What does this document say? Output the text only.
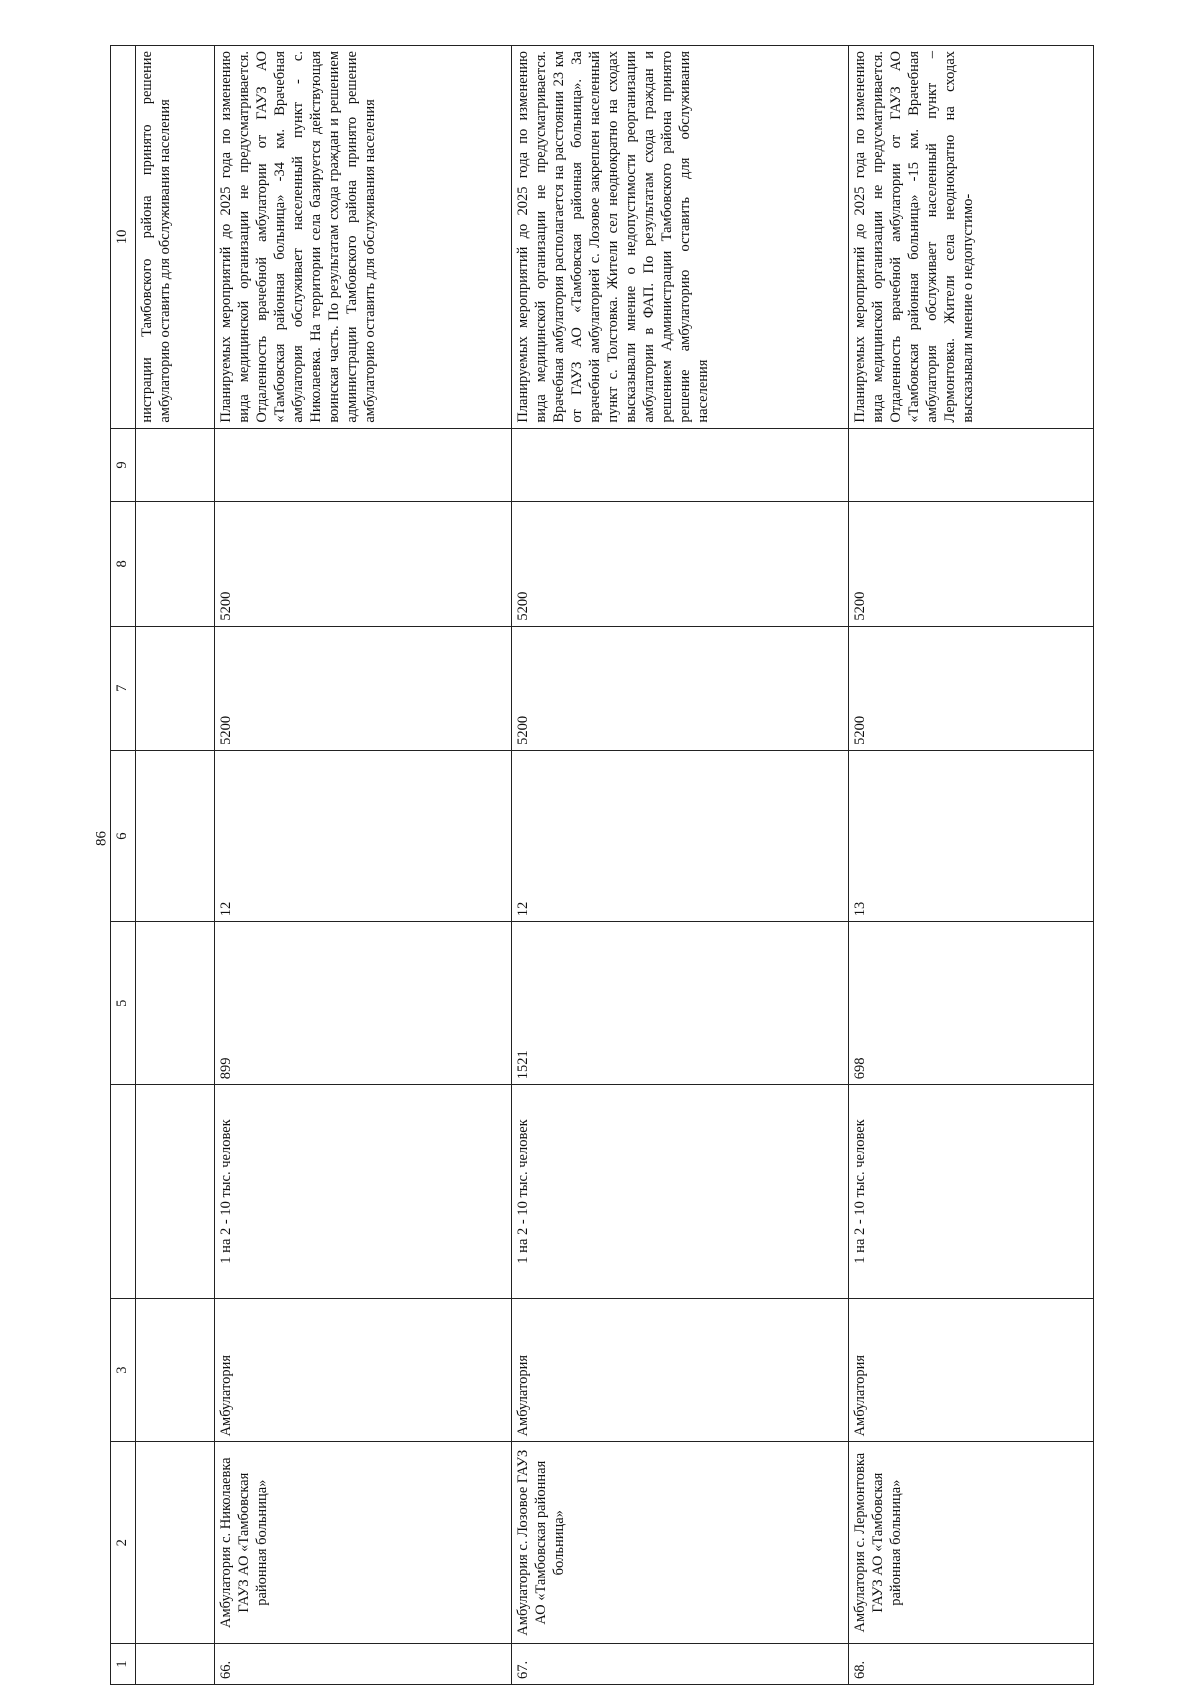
86
1	2	3		5	6	7	8	9	10
									нистрации Тамбовского района принято решение амбулаторию оставить для обслуживания населения
66.	Амбулатория с. Николаевка ГАУЗ АО «Тамбовская районная больница»	Амбулатория	1 на 2 - 10 тыс. человек	899	12	5200	5200		Планируемых мероприятий до 2025 года по изменению вида медицинской организации не предусматривается. Отдаленность врачебной амбулатории от ГАУЗ АО «Тамбовская районная больница» -34 км. Врачебная амбулатория обслуживает населенный пункт - с. Николаевка. На территории села базируется действующая воинская часть. По результатам схода граждан и решением администрации Тамбовского района принято решение амбулаторию оставить для обслуживания населения
67.	Амбулатория с. Лозовое ГАУЗ АО «Тамбовская районная больница»	Амбулатория	1 на 2 - 10 тыс. человек	1521	12	5200	5200		Планируемых мероприятий до 2025 года по изменению вида медицинской организации не предусматривается. Врачебная амбулатория располагается на расстоянии 23 км от ГАУЗ АО «Тамбовская районная больница». За врачебной амбулаторией с. Лозовое закреплен населенный пункт с. Толстовка. Жители сел неоднократно на сходах высказывали мнение о недопустимости реорганизации амбулатории в ФАП. По результатам схода граждан и решением Администрации Тамбовского района принято решение амбулаторию оставить для обслуживания населения
68.	Амбулатория с. Лермонтовка ГАУЗ АО «Тамбовская районная больница»	Амбулатория	1 на 2 - 10 тыс. человек	698	13	5200	5200		Планируемых мероприятий до 2025 года по изменению вида медицинской организации не предусматривается. Отдаленность врачебной амбулатории от ГАУЗ АО «Тамбовская районная больница» -15 км. Врачебная амбулатория обслуживает населенный пункт – Лермонтовка. Жители села неоднократно на сходах высказывали мнение о недопустимо-
